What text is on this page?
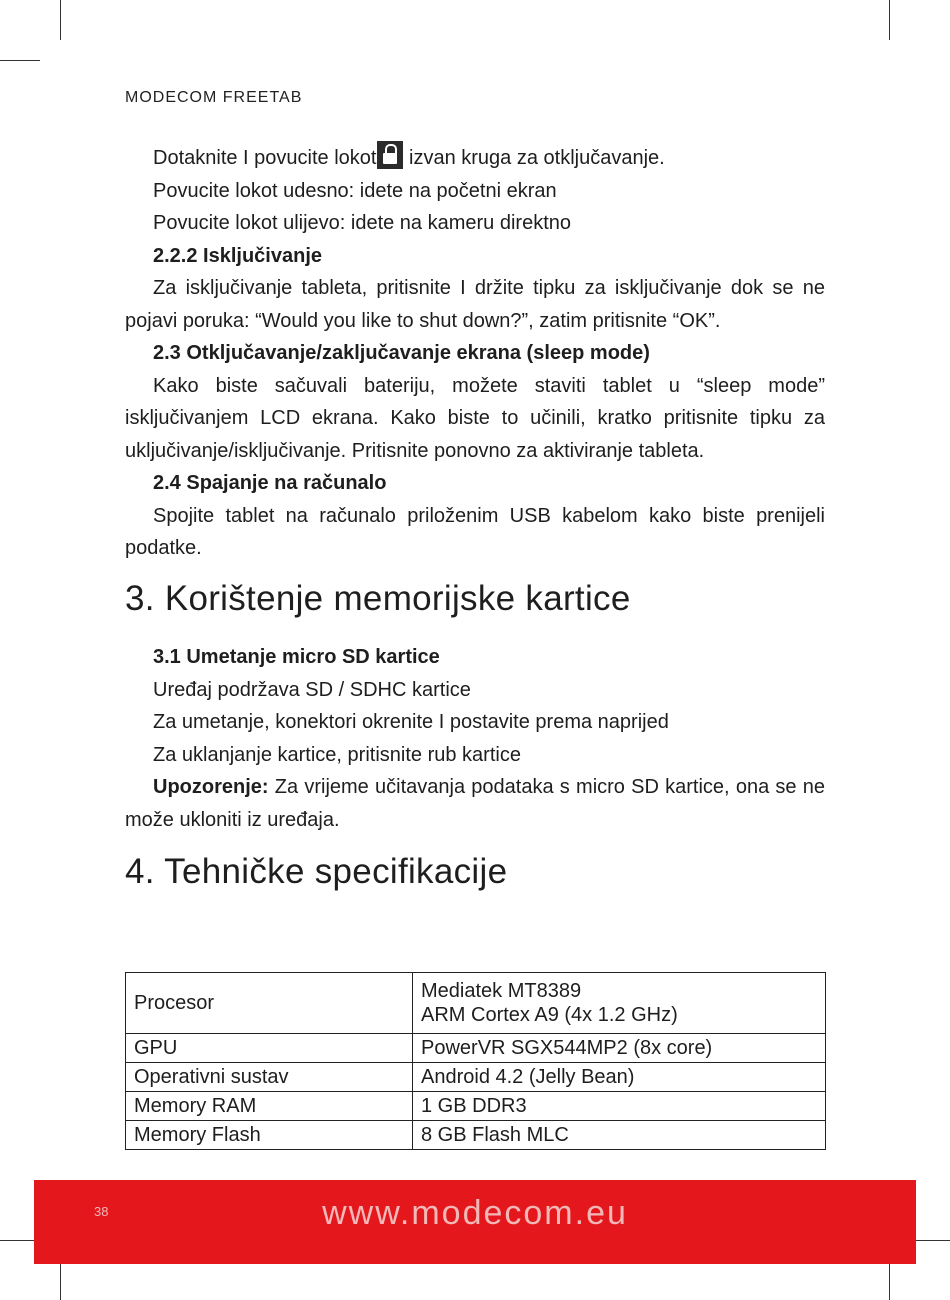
MODECOM FREETAB

Dotaknite I povucite lokot izvan kruga za otključavanje.

Povucite lokot udesno: idete na početni ekran

Povucite lokot ulijevo: idete na kameru direktno

2.2.2 Isključivanje

Za isključivanje tableta, pritisnite I držite tipku za isključivanje dok se ne pojavi poruka: “Would you like to shut down?”, zatim pritisnite “OK”.

2.3 Otključavanje/zaključavanje ekrana (sleep mode)

Kako biste sačuvali bateriju, možete staviti tablet u “sleep mode” isključivanjem LCD ekrana. Kako biste to učinili, kratko pritisnite tipku za uključivanje/isključivanje. Pritisnite ponovno za aktiviranje tableta.

2.4 Spajanje na računalo

Spojite tablet na računalo priloženim USB kabelom kako biste prenijeli podatke.

3. Korištenje memorijske kartice

3.1 Umetanje micro SD kartice

Uređaj podržava SD / SDHC kartice

Za umetanje, konektori okrenite I postavite prema naprijed

Za uklanjanje kartice, pritisnite rub kartice

Upozorenje: Za vrijeme učitavanja podataka s micro SD kartice, ona se ne može ukloniti iz uređaja.

4. Tehničke specifikacije
Procesor	Mediatek MT8389
ARM Cortex A9 (4x 1.2 GHz)

GPU	PowerVR SGX544MP2 (8x core)
Operativni sustav	Android 4.2 (Jelly Bean)
Memory RAM	1 GB DDR3
Memory Flash	8 GB Flash MLC
38	www.modecom.eu
